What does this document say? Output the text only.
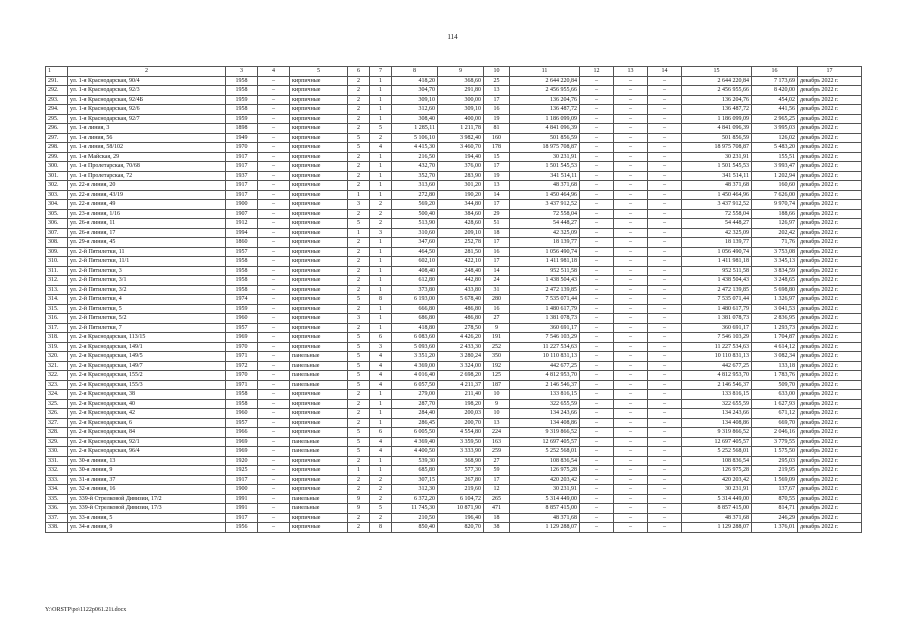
114
1	2	3	4	5	6	7	8	9	10	11	12	13	14	15	16	17
291.	ул. 1-я Краснодарская, 90/4	1958	–	кирпичные	2	1	418,20	368,60	25	2 644 220,84	–	–	–	2 644 220,84	7 173,69	декабрь 2022 г.
292.	ул. 1-я Краснодарская, 92/3	1958	–	кирпичные	2	1	304,70	291,80	13	2 456 955,66	–	–	–	2 456 955,66	8 420,00	декабрь 2022 г.
293.	ул. 1-я Краснодарская, 92/4Б	1959	–	кирпичные	2	1	309,10	300,00	17	136 204,76	–	–	–	136 204,76	454,02	декабрь 2022 г.
294.	ул. 1-я Краснодарская, 92/6	1958	–	кирпичные	2	1	312,60	309,10	16	136 487,72	–	–	–	136 487,72	441,56	декабрь 2022 г.
295.	ул. 1-я Краснодарская, 92/7	1959	–	кирпичные	2	1	308,40	400,00	19	1 186 099,09	–	–	–	1 186 099,09	2 965,25	декабрь 2022 г.
296.	ул. 1-я линия, 3	1898	–	кирпичные	2	5	1 285,11	1 211,78	81	4 841 096,39	–	–	–	4 841 096,39	3 995,03	декабрь 2022 г.
297.	ул. 1-я линия, 56	1949	–	кирпичные	5	2	5 106,10	3 982,40	160	501 856,59	–	–	–	501 856,59	126,02	декабрь 2022 г.
298.	ул. 1-я линия, 58/102	1970	–	кирпичные	5	4	4 415,30	3 460,70	178	18 975 708,87	–	–	–	18 975 708,87	5 483,20	декабрь 2022 г.
299.	ул. 1-я Майская, 29	1917	–	кирпичные	2	1	216,50	194,40	15	30 231,91	–	–	–	30 231,91	155,51	декабрь 2022 г.
300.	ул. 1-я Пролетарская, 70/68	1917	–	кирпичные	2	1	432,70	376,00	17	1 501 545,53	–	–	–	1 501 545,53	3 993,47	декабрь 2022 г.
301.	ул. 1-я Пролетарская, 72	1937	–	кирпичные	2	1	352,70	283,90	19	341 514,11	–	–	–	341 514,11	1 202,94	декабрь 2022 г.
302.	ул. 22-я линия, 20	1917	–	кирпичные	2	1	313,60	301,20	13	48 371,68	–	–	–	48 371,68	160,60	декабрь 2022 г.
303.	ул. 22-я линия, 43/19	1917	–	кирпичные	1	1	272,80	190,20	14	1 450 464,96	–	–	–	1 450 464,96	7 626,00	декабрь 2022 г.
304.	ул. 22-я линия, 49	1900	–	кирпичные	3	2	569,20	344,80	17	3 437 912,52	–	–	–	3 437 912,52	9 970,74	декабрь 2022 г.
305.	ул. 23-я линия, 1/16	1907	–	кирпичные	2	2	500,40	384,60	29	72 558,04	–	–	–	72 558,04	188,66	декабрь 2022 г.
306.	ул. 26-я линия, 11	1912	–	кирпичные	5	2	513,90	428,60	51	54 448,27	–	–	–	54 448,27	126,97	декабрь 2022 г.
307.	ул. 26-я линия, 17	1994	–	кирпичные	1	3	310,60	209,10	18	42 325,09	–	–	–	42 325,09	202,42	декабрь 2022 г.
308.	ул. 29-я линия, 45	1860	–	кирпичные	2	1	347,60	252,78	17	18 139,77	–	–	–	18 139,77	71,76	декабрь 2022 г.
309.	ул. 2-й Пятилетки, 11	1957	–	кирпичные	2	1	464,50	281,50	16	1 056 490,74	–	–	–	1 056 490,74	3 753,08	декабрь 2022 г.
310.	ул. 2-й Пятилетки, 11/1	1958	–	кирпичные	2	1	602,10	422,10	17	1 411 981,18	–	–	–	1 411 981,18	3 345,13	декабрь 2022 г.
311.	ул. 2-й Пятилетки, 3	1958	–	кирпичные	2	1	408,40	248,40	14	952 511,58	–	–	–	952 511,58	3 834,59	декабрь 2022 г.
312.	ул. 2-й Пятилетки, 3/1	1958	–	кирпичные	2	1	612,80	442,80	24	1 438 504,43	–	–	–	1 438 504,43	3 248,65	декабрь 2022 г.
313.	ул. 2-й Пятилетки, 3/2	1958	–	кирпичные	2	1	373,80	433,80	31	2 472 139,85	–	–	–	2 472 139,85	5 698,80	декабрь 2022 г.
314.	ул. 2-й Пятилетки, 4	1974	–	кирпичные	5	8	6 193,00	5 678,40	280	7 535 071,44	–	–	–	7 535 071,44	1 326,97	декабрь 2022 г.
315.	ул. 2-й Пятилетки, 5	1959	–	кирпичные	2	1	666,80	486,80	16	1 480 617,79	–	–	–	1 480 617,79	3 041,53	декабрь 2022 г.
316.	ул. 2-й Пятилетки, 5/2	1960	–	кирпичные	3	1	686,80	486,80	27	1 381 078,73	–	–	–	1 381 078,73	2 836,95	декабрь 2022 г.
317.	ул. 2-й Пятилетки, 7	1957	–	кирпичные	2	1	418,80	278,50	9	360 691,17	–	–	–	360 691,17	1 293,73	декабрь 2022 г.
318.	ул. 2-я Краснодарская, 113/15	1969	–	кирпичные	5	6	6 083,60	4 426,20	191	7 546 103,29	–	–	–	7 546 103,29	1 704,87	декабрь 2022 г.
319.	ул. 2-я Краснодарская, 149/1	1970	–	кирпичные	5	3	5 093,60	2 433,30	252	11 227 534,63	–	–	–	11 227 534,63	4 614,12	декабрь 2022 г.
320.	ул. 2-я Краснодарская, 149/5	1971	–	панельные	5	4	3 351,20	3 280,24	350	10 110 831,13	–	–	–	10 110 831,13	3 082,34	декабрь 2022 г.
321.	ул. 2-я Краснодарская, 149/7	1972	–	панельные	5	4	4 369,00	3 324,00	192	442 677,25	–	–	–	442 677,25	133,18	декабрь 2022 г.
322.	ул. 2-я Краснодарская, 155/2	1970	–	панельные	5	4	4 016,40	2 698,20	125	4 812 953,70	–	–	–	4 812 953,70	1 783,76	декабрь 2022 г.
323.	ул. 2-я Краснодарская, 155/3	1971	–	панельные	5	4	6 057,50	4 211,37	187	2 146 546,37	–	–	–	2 146 546,37	509,70	декабрь 2022 г.
324.	ул. 2-я Краснодарская, 38	1958	–	кирпичные	2	1	279,00	211,40	10	133 816,15	–	–	–	133 816,15	633,00	декабрь 2022 г.
325.	ул. 2-я Краснодарская, 40	1958	–	кирпичные	2	1	287,70	198,20	9	322 655,59	–	–	–	322 655,59	1 627,93	декабрь 2022 г.
326.	ул. 2-я Краснодарская, 42	1960	–	кирпичные	2	1	284,40	200,03	10	134 243,66	–	–	–	134 243,66	671,12	декабрь 2022 г.
327.	ул. 2-я Краснодарская, 6	1957	–	кирпичные	2	1	286,45	200,70	13	134 408,86	–	–	–	134 408,86	669,70	декабрь 2022 г.
328.	ул. 2-я Краснодарская, 84	1966	–	кирпичные	5	6	6 005,50	4 554,80	224	9 319 866,52	–	–	–	9 319 866,52	2 046,16	декабрь 2022 г.
329.	ул. 2-я Краснодарская, 92/1	1969	–	панельные	5	4	4 369,40	3 359,50	163	12 697 405,57	–	–	–	12 697 405,57	3 779,55	декабрь 2022 г.
330.	ул. 2-я Краснодарская, 96/4	1969	–	панельные	5	4	4 400,50	3 333,90	259	5 252 568,01	–	–	–	5 252 568,01	1 575,50	декабрь 2022 г.
331.	ул. 30-я линия, 13	1920	–	кирпичные	2	1	539,30	368,90	27	108 836,54	–	–	–	108 836,54	295,03	декабрь 2022 г.
332.	ул. 30-я линия, 9	1925	–	кирпичные	1	1	685,80	577,30	59	126 975,28	–	–	–	126 975,28	219,95	декабрь 2022 г.
333.	ул. 31-я линия, 37	1917	–	кирпичные	2	2	307,15	267,80	17	420 203,42	–	–	–	420 203,42	1 569,09	декабрь 2022 г.
334.	ул. 32-я линия, 16	1900	–	кирпичные	2	2	312,30	219,60	12	30 231,91	–	–	–	30 231,91	137,67	декабрь 2022 г.
335.	ул. 339-й Стрелковой Дивизии, 17/2	1991	–	панельные	9	2	6 372,20	6 104,72	265	5 314 449,00	–	–	–	5 314 449,00	870,55	декабрь 2022 г.
336.	ул. 339-й Стрелковой Дивизии, 17/3	1991	–	панельные	9	5	11 745,30	10 871,90	471	8 857 415,00	–	–	–	8 857 415,00	814,71	декабрь 2022 г.
337.	ул. 33-я линия, 5	1917	–	кирпичные	2	2	210,50	196,40	18	48 371,68	–	–	–	48 371,68	246,29	декабрь 2022 г.
338.	ул. 34-я линия, 9	1956	–	кирпичные	2	8	850,40	820,70	38	1 129 288,07	–	–	–	1 129 288,07	1 376,01	декабрь 2022 г.
Y:\ORSTP\po\1122p061.21i.docx
